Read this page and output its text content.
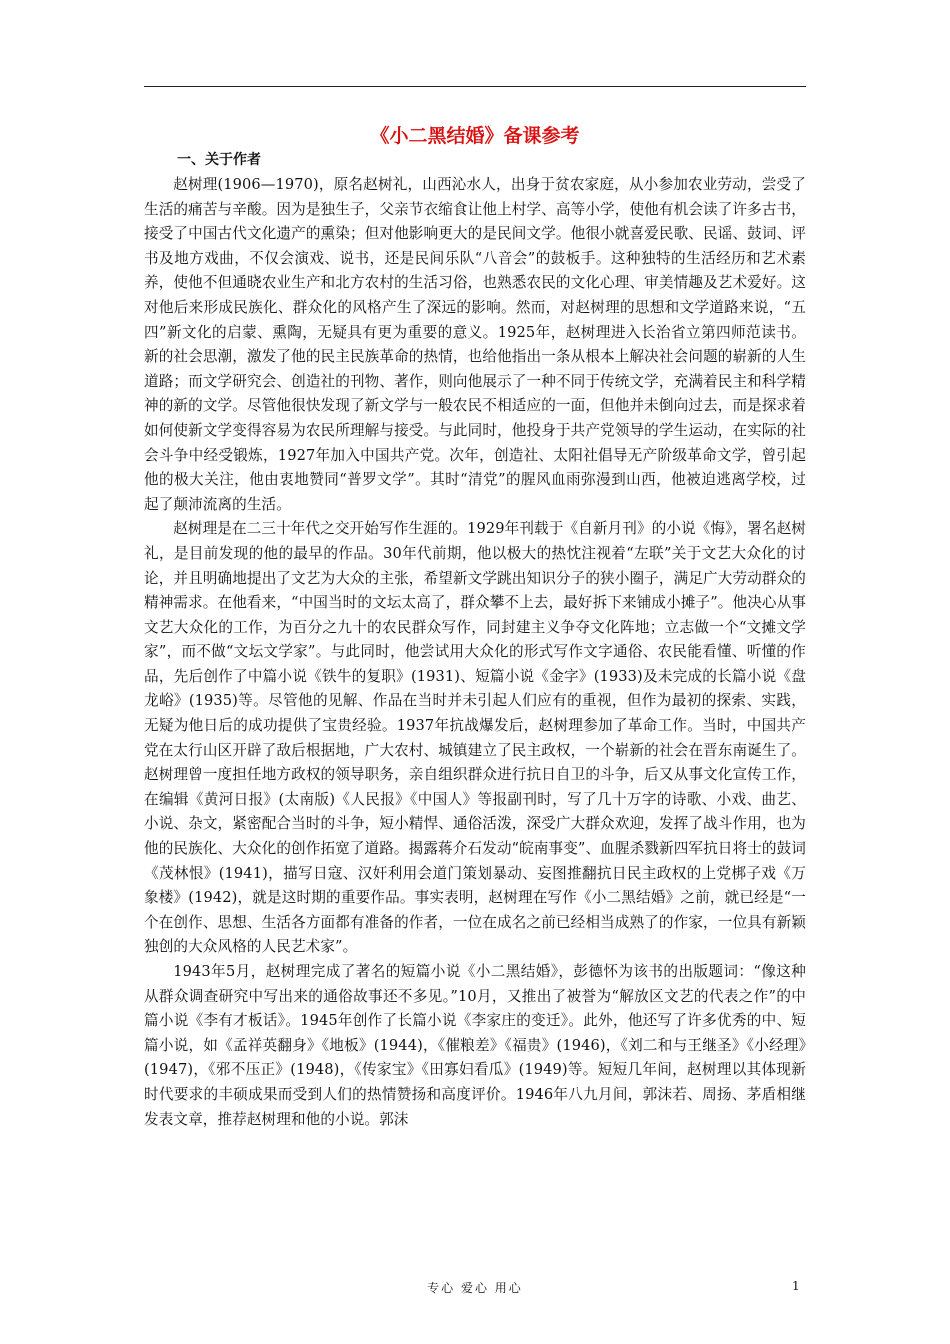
《小二黑结婚》备课参考
一、关于作者

赵树理(1906—1970)，原名赵树礼，山西沁水人，出身于贫农家庭，从小参加农业劳动，尝受了生活的痛苦与辛酸。因为是独生子，父亲节衣缩食让他上村学、高等小学，使他有机会读了许多古书，接受了中国古代文化遗产的熏染；但对他影响更大的是民间文学。他很小就喜爱民歌、民谣、鼓词、评书及地方戏曲，不仅会演戏、说书，还是民间乐队“八音会”的鼓板手。这种独特的生活经历和艺术素养，使他不但通晓农业生产和北方农村的生活习俗，也熟悉农民的文化心理、审美情趣及艺术爱好。这对他后来形成民族化、群众化的风格产生了深远的影响。然而，对赵树理的思想和文学道路来说，“五四”新文化的启蒙、熏陶，无疑具有更为重要的意义。1925年，赵树理进入长治省立第四师范读书。新的社会思潮，激发了他的民主民族革命的热情，也给他指出一条从根本上解决社会问题的崭新的人生道路；而文学研究会、创造社的刊物、著作，则向他展示了一种不同于传统文学，充满着民主和科学精神的新的文学。尽管他很快发现了新文学与一般农民不相适应的一面，但他并未倒向过去，而是探求着如何使新文学变得容易为农民所理解与接受。与此同时，他投身于共产党领导的学生运动，在实际的社会斗争中经受锻炼，1927年加入中国共产党。次年，创造社、太阳社倡导无产阶级革命文学，曾引起他的极大关注，他由衷地赞同“普罗文学”。其时“清党”的腥风血雨弥漫到山西，他被迫逃离学校，过起了颠沛流离的生活。

赵树理是在二三十年代之交开始写作生涯的。1929年刊载于《自新月刊》的小说《悔》，署名赵树礼，是目前发现的他的最早的作品。30年代前期，他以极大的热忱注视着“左联”关于文艺大众化的讨论，并且明确地提出了文艺为大众的主张，希望新文学跳出知识分子的狭小圈子，满足广大劳动群众的精神需求。在他看来，“中国当时的文坛太高了，群众攀不上去，最好拆下来铺成小摊子”。他决心从事文艺大众化的工作，为百分之九十的农民群众写作，同封建主义争夺文化阵地；立志做一个“文摊文学家”，而不做“文坛文学家”。与此同时，他尝试用大众化的形式写作文字通俗、农民能看懂、听懂的作品，先后创作了中篇小说《铁牛的复职》(1931)、短篇小说《金字》(1933)及未完成的长篇小说《盘龙峪》(1935)等。尽管他的见解、作品在当时并未引起人们应有的重视，但作为最初的探索、实践，无疑为他日后的成功提供了宝贵经验。1937年抗战爆发后，赵树理参加了革命工作。当时，中国共产党在太行山区开辟了敌后根据地，广大农村、城镇建立了民主政权，一个崭新的社会在晋东南诞生了。赵树理曾一度担任地方政权的领导职务，亲自组织群众进行抗日自卫的斗争，后又从事文化宣传工作，在编辑《黄河日报》(太南版)《人民报》《中国人》等报副刊时，写了几十万字的诗歌、小戏、曲艺、小说、杂文，紧密配合当时的斗争，短小精悍、通俗活泼，深受广大群众欢迎，发挥了战斗作用，也为他的民族化、大众化的创作拓宽了道路。揭露蒋介石发动“皖南事变”、血腥杀戮新四军抗日将士的鼓词《茂林恨》(1941)，描写日寇、汉奸利用会道门策划暴动、妄图推翻抗日民主政权的上党梆子戏《万象楼》(1942)，就是这时期的重要作品。事实表明，赵树理在写作《小二黑结婚》之前，就已经是“一个在创作、思想、生活各方面都有准备的作者，一位在成名之前已经相当成熟了的作家，一位具有新颖独创的大众风格的人民艺术家”。

1943年5月，赵树理完成了著名的短篇小说《小二黑结婚》，彭德怀为该书的出版题词：“像这种从群众调查研究中写出来的通俗故事还不多见。”10月，又推出了被誉为“解放区文艺的代表之作”的中篇小说《李有才板话》。1945年创作了长篇小说《李家庄的变迁》。此外，他还写了许多优秀的中、短篇小说，如《孟祥英翻身》《地板》(1944)，《催粮差》《福贵》(1946)，《刘二和与王继圣》《小经理》(1947)，《邪不压正》(1948)，《传家宝》《田寡妇看瓜》(1949)等。短短几年间，赵树理以其体现新时代要求的丰硕成果而受到人们的热情赞扬和高度评价。1946年八九月间，郭沫若、周扬、茅盾相继发表文章，推荐赵树理和他的小说。郭沫

专心 爱心 用心	1
